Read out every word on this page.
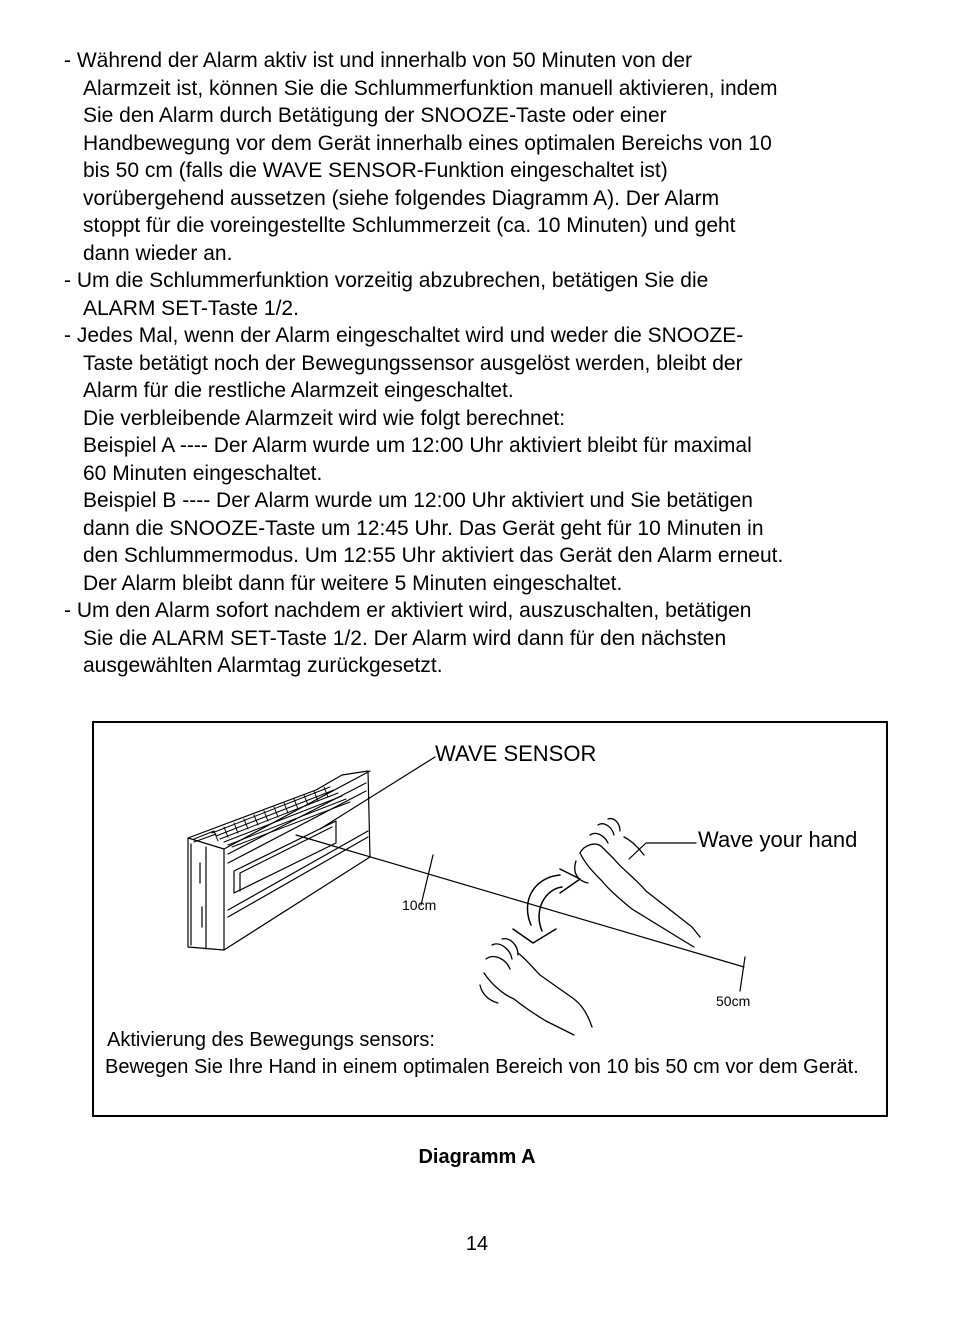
- Während der Alarm aktiv ist und innerhalb von 50 Minuten von der
Alarmzeit ist, können Sie die Schlummerfunktion manuell aktivieren, indem
Sie den Alarm durch Betätigung der SNOOZE-Taste oder einer
Handbewegung vor dem Gerät innerhalb eines optimalen Bereichs von 10
bis 50 cm (falls die WAVE SENSOR-Funktion eingeschaltet ist)
vorübergehend aussetzen (siehe folgendes Diagramm A). Der Alarm
stoppt für die voreingestellte Schlummerzeit (ca. 10 Minuten) und geht
dann wieder an.
- Um die Schlummerfunktion vorzeitig abzubrechen, betätigen Sie die
ALARM SET-Taste 1/2.
- Jedes Mal, wenn der Alarm eingeschaltet wird und weder die SNOOZE-
Taste betätigt noch der Bewegungssensor ausgelöst werden, bleibt der
Alarm für die restliche Alarmzeit eingeschaltet.
Die verbleibende Alarmzeit wird wie folgt berechnet:
Beispiel A ---- Der Alarm wurde um 12:00 Uhr aktiviert bleibt für maximal
60 Minuten eingeschaltet.
Beispiel B ---- Der Alarm wurde um 12:00 Uhr aktiviert und Sie betätigen
dann die SNOOZE-Taste um 12:45 Uhr. Das Gerät geht für 10 Minuten in
den Schlummermodus. Um 12:55 Uhr aktiviert das Gerät den Alarm erneut.
Der Alarm bleibt dann für weitere 5 Minuten eingeschaltet.
- Um den Alarm sofort nachdem er aktiviert wird, auszuschalten, betätigen
Sie die ALARM SET-Taste 1/2. Der Alarm wird dann für den nächsten
ausgewählten Alarmtag zurückgesetzt.
WAVE SENSOR
Wave your hand
10cm
50cm
Aktivierung des Bewegungs sensors:
Bewegen Sie Ihre Hand in einem optimalen Bereich von 10 bis 50 cm vor dem Gerät.
Diagramm A
14
